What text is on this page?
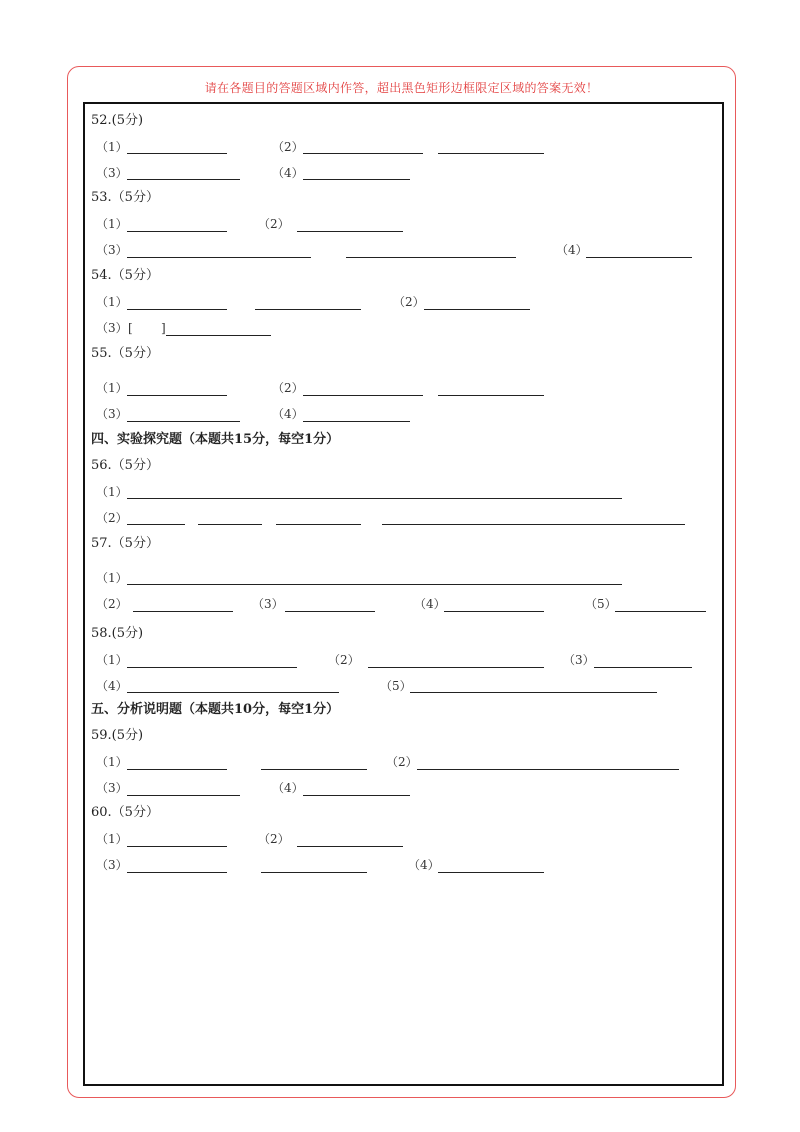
请在各题目的答题区域内作答，超出黑色矩形边框限定区域的答案无效！
52.(5分)
（1）	（2）
（3）	（4）
53.（5分）
（1）	（2）
（3）	（4）
54.（5分）
（1）	（2）
（3） [ ]
55.（5分）
（1）	（2）
（3）	（4）
四、实验探究题（本题共15分，每空1分）
56.（5分）
（1）
（2）
57.（5分）
（1）
（2）	（3）	（4）	（5）
58.(5分)
（1）	（2）	（3）
（4）	（5）
五、分析说明题（本题共10分，每空1分）
59.(5分)
（1）	（2）
（3）	（4）
60.（5分）
（1）	（2）
（3）	（4）
